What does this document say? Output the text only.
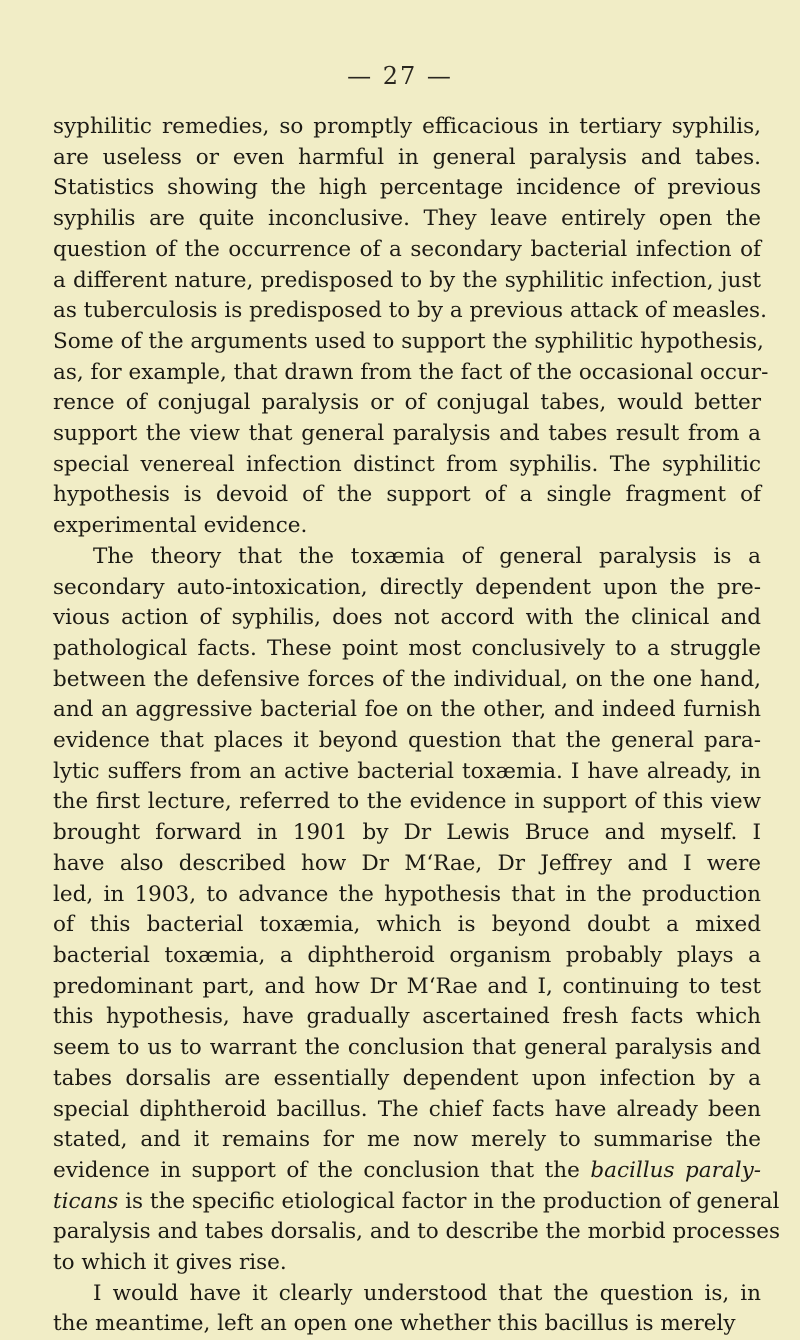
— 27 —
syphilitic remedies, so promptly efficacious in tertiary syphilis,
are useless or even harmful in general paralysis and tabes.
Statistics showing the high percentage incidence of previous
syphilis are quite inconclusive. They leave entirely open the
question of the occurrence of a secondary bacterial infection of
a different nature, predisposed to by the syphilitic infection, just
as tuberculosis is predisposed to by a previous attack of measles.
Some of the arguments used to support the syphilitic hypothesis,
as, for example, that drawn from the fact of the occasional occur-
rence of conjugal paralysis or of conjugal tabes, would better
support the view that general paralysis and tabes result from a
special venereal infection distinct from syphilis. The syphilitic
hypothesis is devoid of the support of a single fragment of
experimental evidence.
The theory that the toxæmia of general paralysis is a
secondary auto-intoxication, directly dependent upon the pre-
vious action of syphilis, does not accord with the clinical and
pathological facts. These point most conclusively to a struggle
between the defensive forces of the individual, on the one hand,
and an aggressive bacterial foe on the other, and indeed furnish
evidence that places it beyond question that the general para-
lytic suffers from an active bacterial toxæmia. I have already, in
the first lecture, referred to the evidence in support of this view
brought forward in 1901 by Dr Lewis Bruce and myself. I
have also described how Dr M‘Rae, Dr Jeffrey and I were
led, in 1903, to advance the hypothesis that in the production
of this bacterial toxæmia, which is beyond doubt a mixed
bacterial toxæmia, a diphtheroid organism probably plays a
predominant part, and how Dr M‘Rae and I, continuing to test
this hypothesis, have gradually ascertained fresh facts which
seem to us to warrant the conclusion that general paralysis and
tabes dorsalis are essentially dependent upon infection by a
special diphtheroid bacillus. The chief facts have already been
stated, and it remains for me now merely to summarise the
evidence in support of the conclusion that the bacillus paraly-
ticans is the specific etiological factor in the production of general
paralysis and tabes dorsalis, and to describe the morbid processes
to which it gives rise.
I would have it clearly understood that the question is, in
the meantime, left an open one whether this bacillus is merely
